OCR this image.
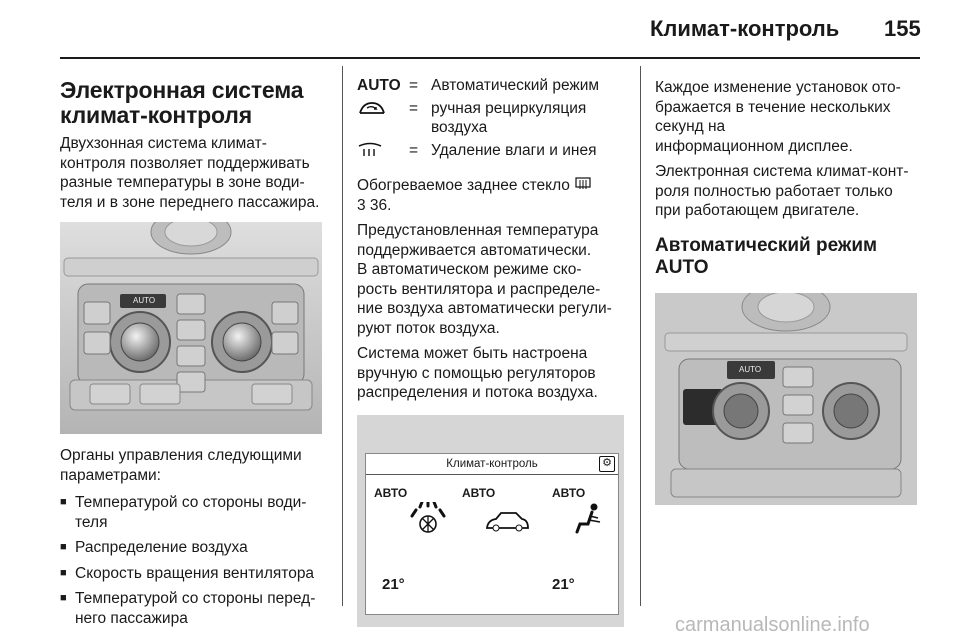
Климат-контроль 155
Электронная система
климат-контроля

Двухзонная система климат-
контроля позволяет поддерживать
разные температуры в зоне води-
теля и в зоне переднего пассажира.

AUTO

Органы управления следующими
параметрами:

■ Температурой со стороны води-
теля
■ Распределение воздуха
■ Скорость вращения вентилятора
■ Температурой со стороны перед-
него пассажира
AUTO = Автоматический режим
= ручная рециркуляция
воздуха
= Удаление влаги и инея

Обогреваемое заднее стекло
3 36.

Предустановленная температура
поддерживается автоматически.
В автоматическом режиме ско-
рость вентилятора и распределе-
ние воздуха автоматически регули-
руют поток воздуха.

Система может быть настроена
вручную с помощью регуляторов
распределения и потока воздуха.

Климат-контроль	⚙
АВТО	АВТО	АВТО
21°	21°

Каждое изменение установок ото-
бражается в течение нескольких
секунд на
информационном дисплее.

Электронная система климат-конт-
роля полностью работает только
при работающем двигателе.

Автоматический режим AUTO
AUTO
carmanualsonline.info
